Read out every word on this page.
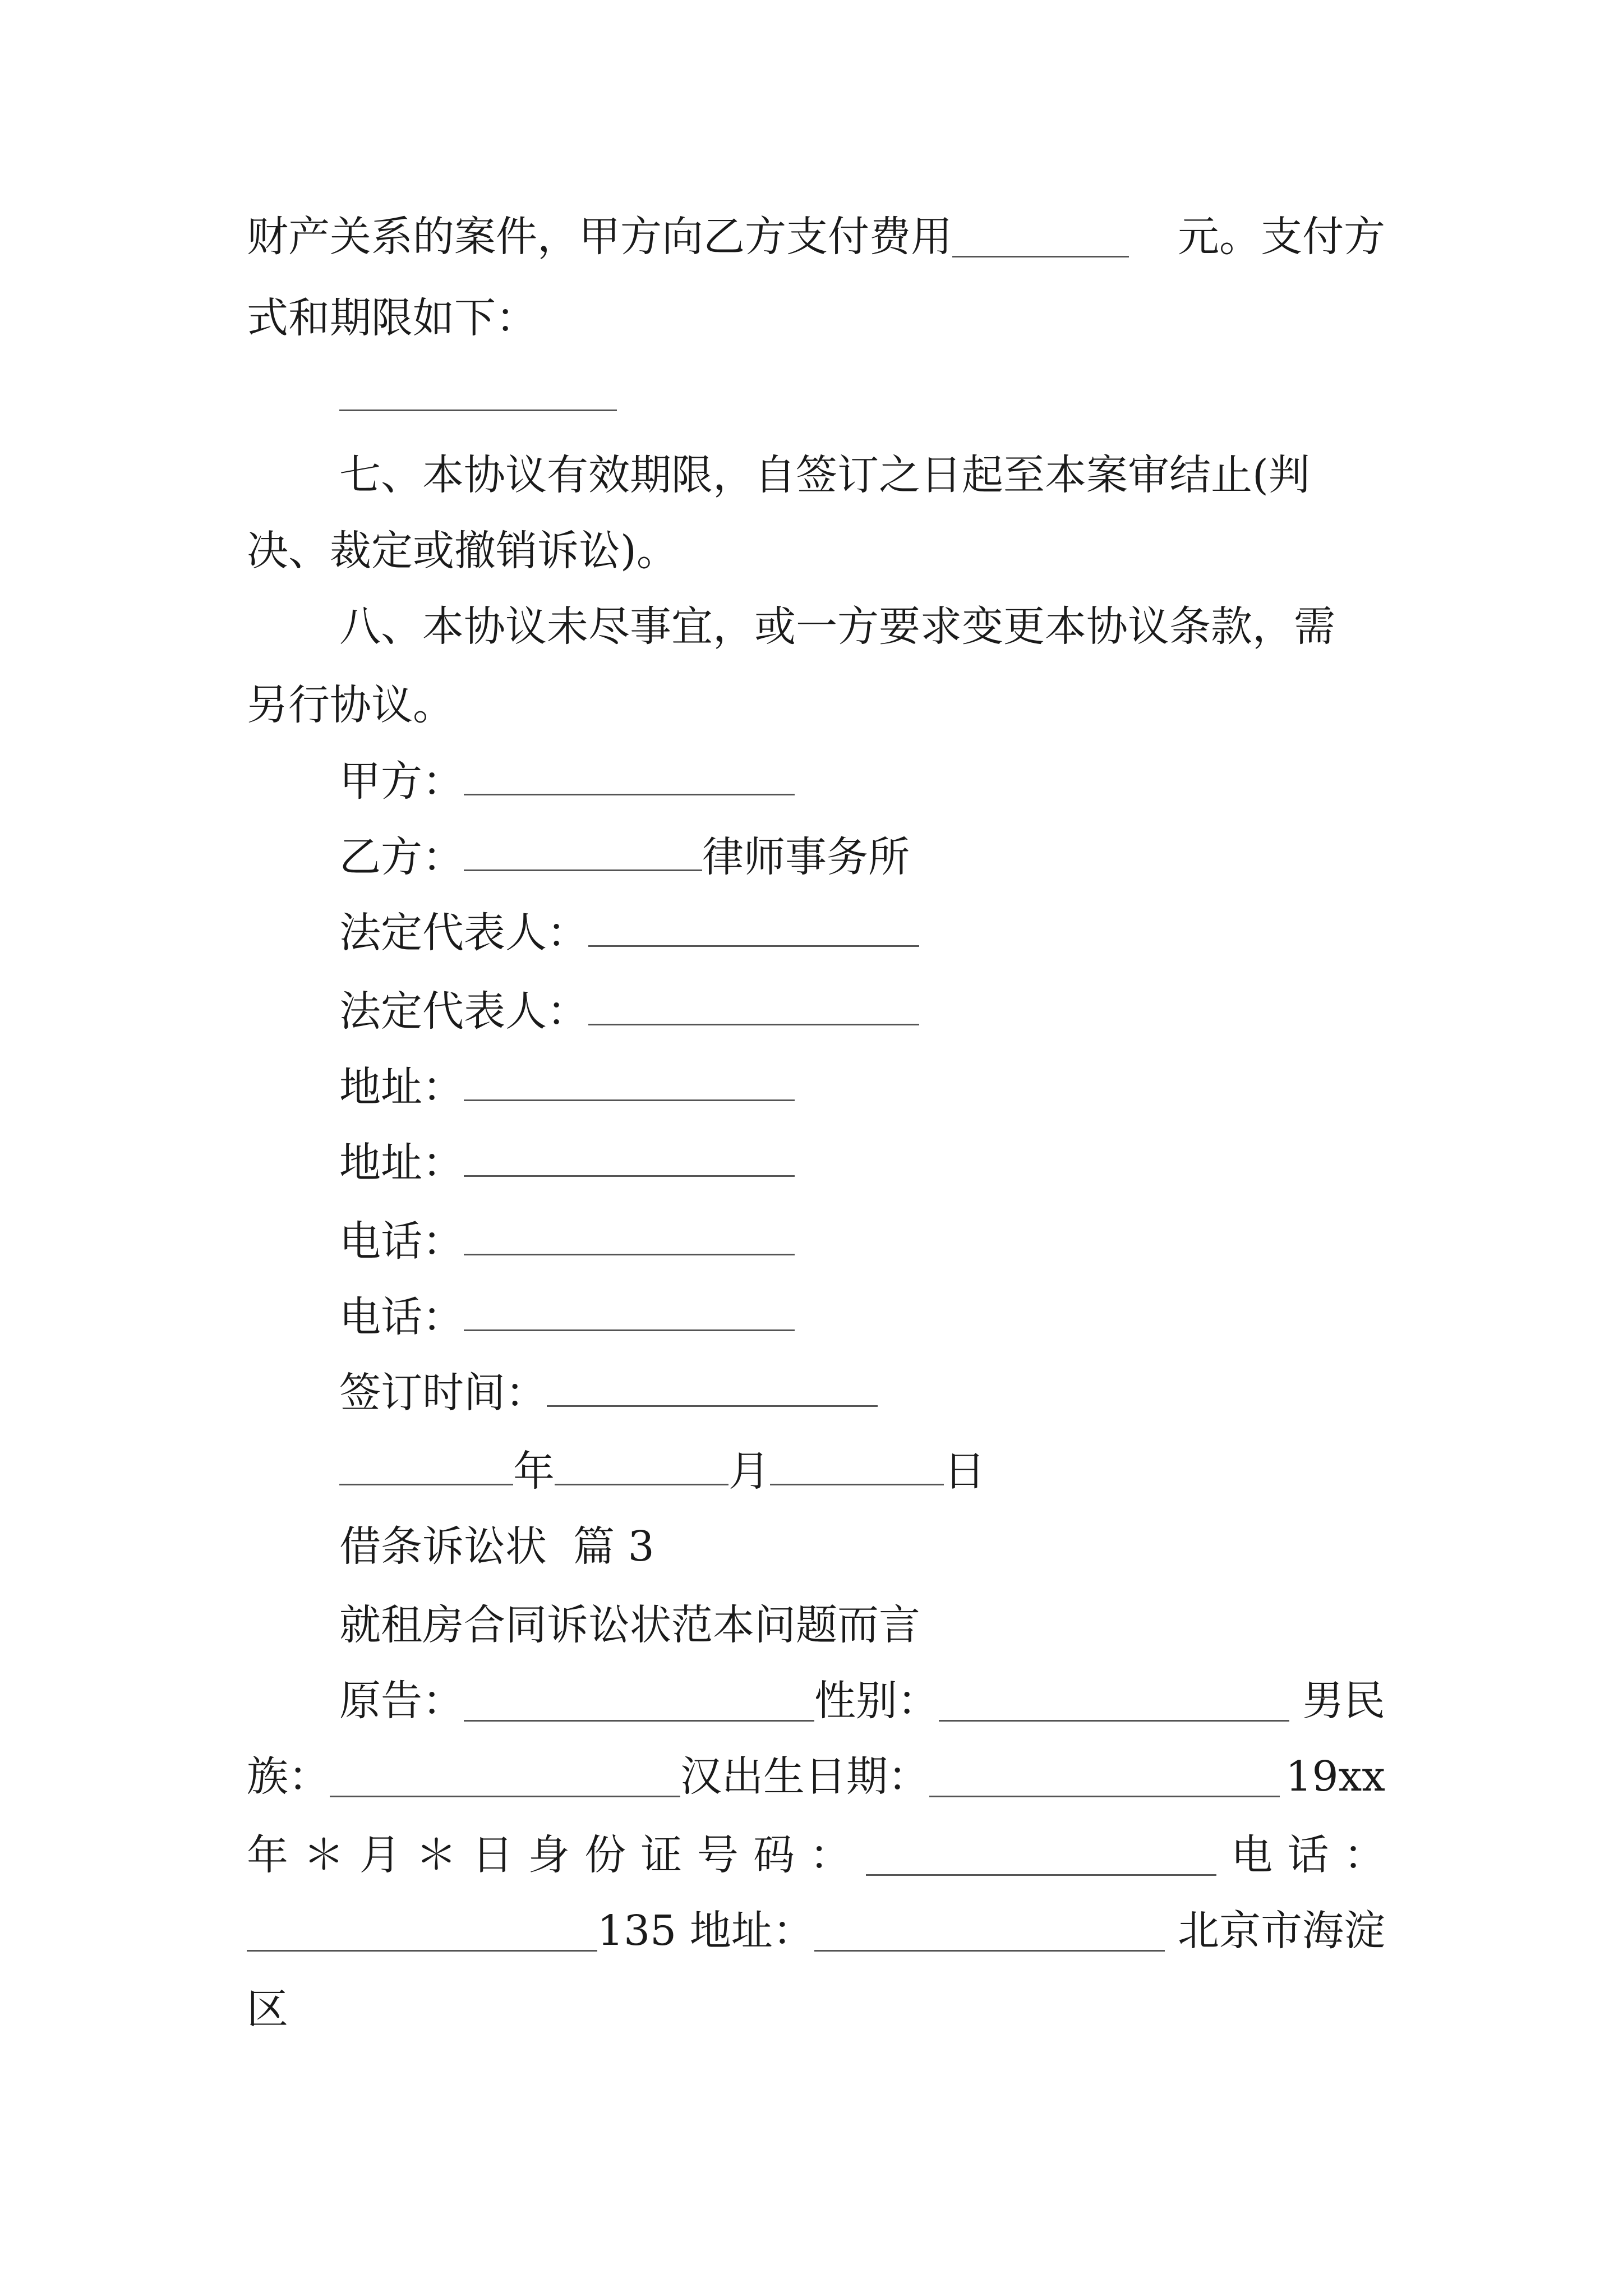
财产关系的案件，甲方向乙方支付费用	元。支付方
式和期限如下：
七、本协议有效期限，自签订之日起至本案审结止(判
决、裁定或撤销诉讼)。
八、本协议未尽事宜，或一方要求变更本协议条款，需
另行协议。
甲方：
乙方：	律师事务所
法定代表人：
法定代表人：
地址：
地址：
电话：
电话：
签订时间：
年	月	日
借条诉讼状  篇 3
就租房合同诉讼状范本问题而言
原告：	性别：	男民
族：	汉出生日期：	19xx
年 ＊ 月 ＊ 日 身 份 证 号 码 ：	电 话 ：
135 地址：	北京市海淀
区
